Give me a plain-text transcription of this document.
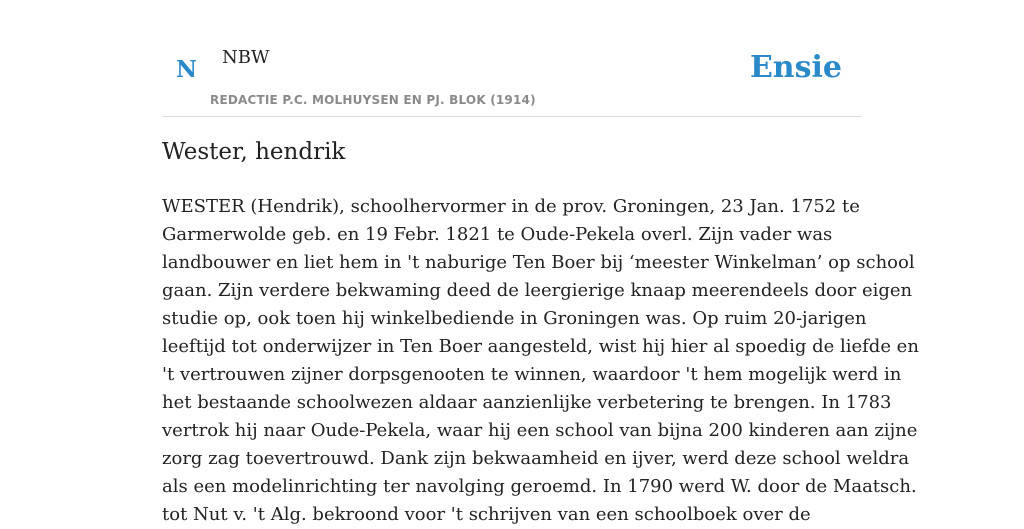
N NBW
REDACTIE P.C. MOLHUYSEN EN PJ. BLOK (1914)
Ensie
Wester, hendrik

WESTER (Hendrik), schoolhervormer in de prov. Groningen, 23 Jan. 1752 te
Garmerwolde geb. en 19 Febr. 1821 te Oude-Pekela overl. Zijn vader was
landbouwer en liet hem in 't naburige Ten Boer bij ‘meester Winkelman’ op school
gaan. Zijn verdere bekwaming deed de leergierige knaap meerendeels door eigen
studie op, ook toen hij winkelbediende in Groningen was. Op ruim 20-jarigen
leeftijd tot onderwijzer in Ten Boer aangesteld, wist hij hier al spoedig de liefde en
't vertrouwen zijner dorpsgenooten te winnen, waardoor 't hem mogelijk werd in
het bestaande schoolwezen aldaar aanzienlijke verbetering te brengen. In 1783
vertrok hij naar Oude-Pekela, waar hij een school van bijna 200 kinderen aan zijne
zorg zag toevertrouwd. Dank zijn bekwaamheid en ijver, werd deze school weldra
als een modelinrichting ter navolging geroemd. In 1790 werd W. door de Maatsch.
tot Nut v. 't Alg. bekroond voor 't schrijven van een schoolboek over de
